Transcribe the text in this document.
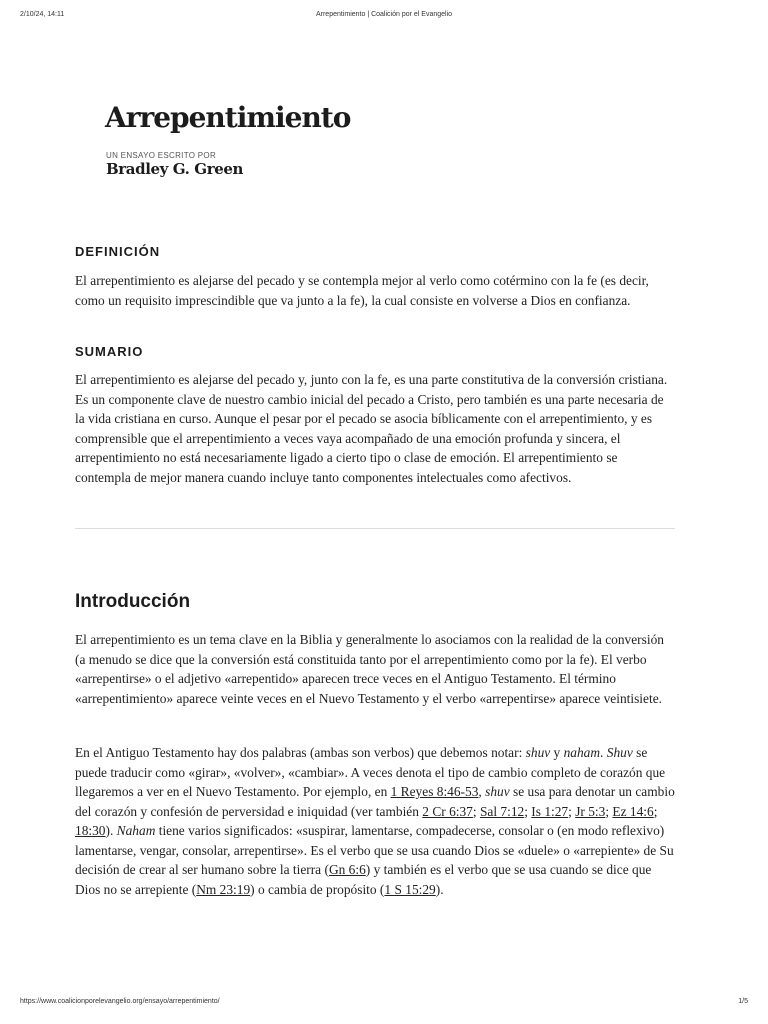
2/10/24, 14:11	Arrepentimiento | Coalición por el Evangelio
Arrepentimiento
UN ENSAYO ESCRITO POR
Bradley G. Green
DEFINICIÓN

El arrepentimiento es alejarse del pecado y se contempla mejor al verlo como cotérmino con la fe (es decir, como un requisito imprescindible que va junto a la fe), la cual consiste en volverse a Dios en confianza.

SUMARIO

El arrepentimiento es alejarse del pecado y, junto con la fe, es una parte constitutiva de la conversión cristiana. Es un componente clave de nuestro cambio inicial del pecado a Cristo, pero también es una parte necesaria de la vida cristiana en curso. Aunque el pesar por el pecado se asocia bíblicamente con el arrepentimiento, y es comprensible que el arrepentimiento a veces vaya acompañado de una emoción profunda y sincera, el arrepentimiento no está necesariamente ligado a cierto tipo o clase de emoción. El arrepentimiento se contempla de mejor manera cuando incluye tanto componentes intelectuales como afectivos.

Introducción

El arrepentimiento es un tema clave en la Biblia y generalmente lo asociamos con la realidad de la conversión (a menudo se dice que la conversión está constituida tanto por el arrepentimiento como por la fe). El verbo «arrepentirse» o el adjetivo «arrepentido» aparecen trece veces en el Antiguo Testamento. El término «arrepentimiento» aparece veinte veces en el Nuevo Testamento y el verbo «arrepentirse» aparece veintisiete.

En el Antiguo Testamento hay dos palabras (ambas son verbos) que debemos notar: shuv y naham. Shuv se puede traducir como «girar», «volver», «cambiar». A veces denota el tipo de cambio completo de corazón que llegaremos a ver en el Nuevo Testamento. Por ejemplo, en 1 Reyes 8:46-53, shuv se usa para denotar un cambio del corazón y confesión de perversidad e iniquidad (ver también 2 Cr 6:37; Sal 7:12; Is 1:27; Jr 5:3; Ez 14:6; 18:30). Naham tiene varios significados: «suspirar, lamentarse, compadecerse, consolar o (en modo reflexivo) lamentarse, vengar, consolar, arrepentirse». Es el verbo que se usa cuando Dios se «duele» o «arrepiente» de Su decisión de crear al ser humano sobre la tierra (Gn 6:6) y también es el verbo que se usa cuando se dice que Dios no se arrepiente (Nm 23:19) o cambia de propósito (1 S 15:29).

https://www.coalicionporelevangelio.org/ensayo/arrepentimiento/	1/5
